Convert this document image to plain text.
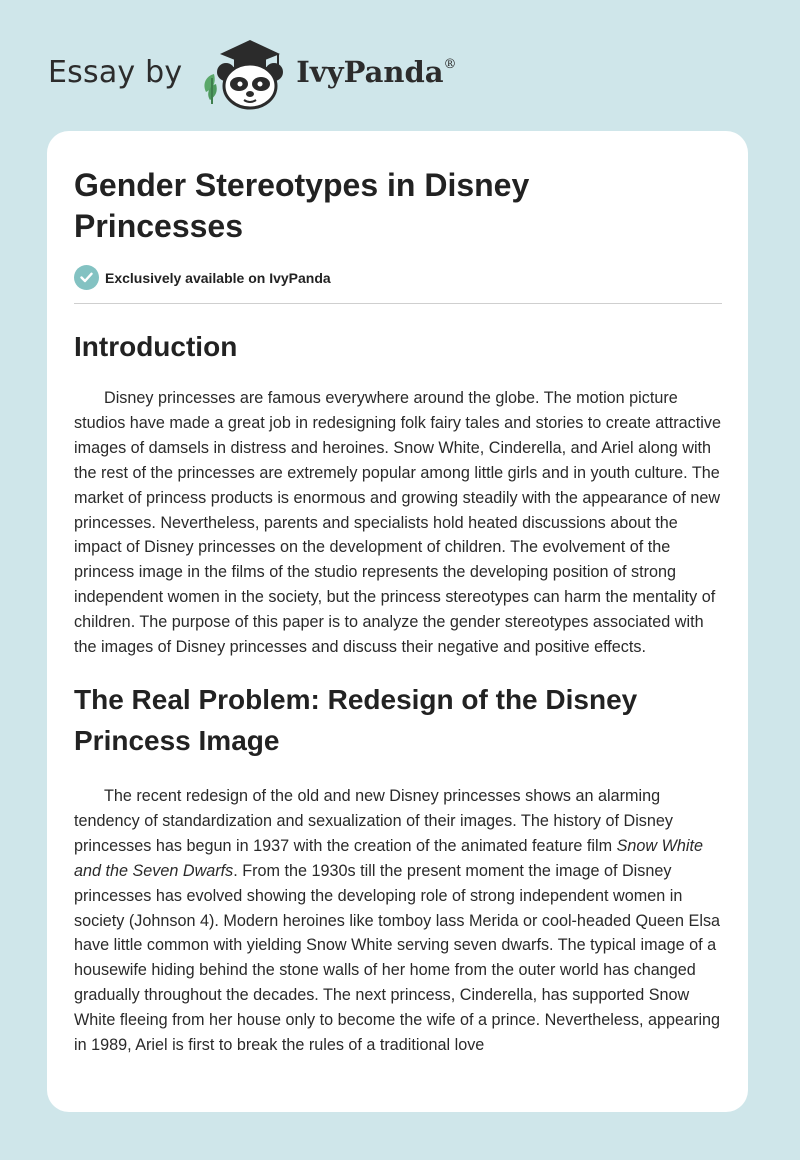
Essay by	IvyPanda®
Gender Stereotypes in Disney Princesses
Exclusively available on IvyPanda
Introduction

Disney princesses are famous everywhere around the globe. The motion picture studios have made a great job in redesigning folk fairy tales and stories to create attractive images of damsels in distress and heroines. Snow White, Cinderella, and Ariel along with the rest of the princesses are extremely popular among little girls and in youth culture. The market of princess products is enormous and growing steadily with the appearance of new princesses. Nevertheless, parents and specialists hold heated discussions about the impact of Disney princesses on the development of children. The evolvement of the princess image in the films of the studio represents the developing position of strong independent women in the society, but the princess stereotypes can harm the mentality of children. The purpose of this paper is to analyze the gender stereotypes associated with the images of Disney princesses and discuss their negative and positive effects.

The Real Problem: Redesign of the Disney Princess Image

The recent redesign of the old and new Disney princesses shows an alarming tendency of standardization and sexualization of their images. The history of Disney princesses has begun in 1937 with the creation of the animated feature film Snow White and the Seven Dwarfs. From the 1930s till the present moment the image of Disney princesses has evolved showing the developing role of strong independent women in society (Johnson 4). Modern heroines like tomboy lass Merida or cool-headed Queen Elsa have little common with yielding Snow White serving seven dwarfs. The typical image of a housewife hiding behind the stone walls of her home from the outer world has changed gradually throughout the decades. The next princess, Cinderella, has supported Snow White fleeing from her house only to become the wife of a prince. Nevertheless, appearing in 1989, Ariel is first to break the rules of a traditional love
